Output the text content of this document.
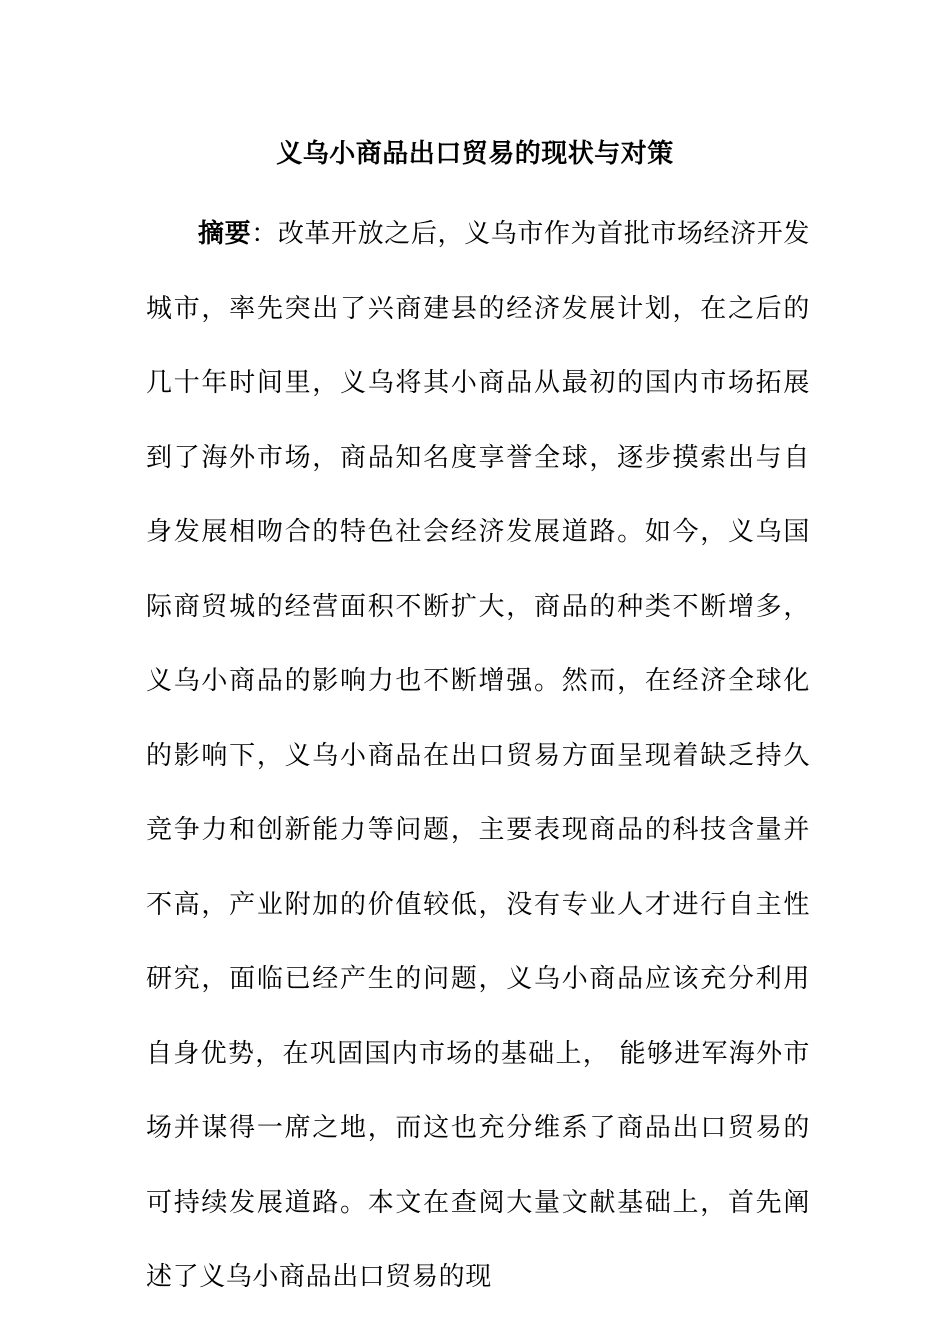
义乌小商品出口贸易的现状与对策

摘要：改革开放之后，义乌市作为首批市场经济开发城市，率先突出了兴商建县的经济发展计划，在之后的几十年时间里，义乌将其小商品从最初的国内市场拓展到了海外市场，商品知名度享誉全球，逐步摸索出与自身发展相吻合的特色社会经济发展道路。如今，义乌国际商贸城的经营面积不断扩大，商品的种类不断增多，义乌小商品的影响力也不断增强。然而，在经济全球化的影响下，义乌小商品在出口贸易方面呈现着缺乏持久竞争力和创新能力等问题，主要表现商品的科技含量并不高，产业附加的价值较低，没有专业人才进行自主性研究，面临已经产生的问题，义乌小商品应该充分利用自身优势，在巩固国内市场的基础上， 能够进军海外市场并谋得一席之地，而这也充分维系了商品出口贸易的可持续发展道路。本文在查阅大量文献基础上，首先阐述了义乌小商品出口贸易的现
